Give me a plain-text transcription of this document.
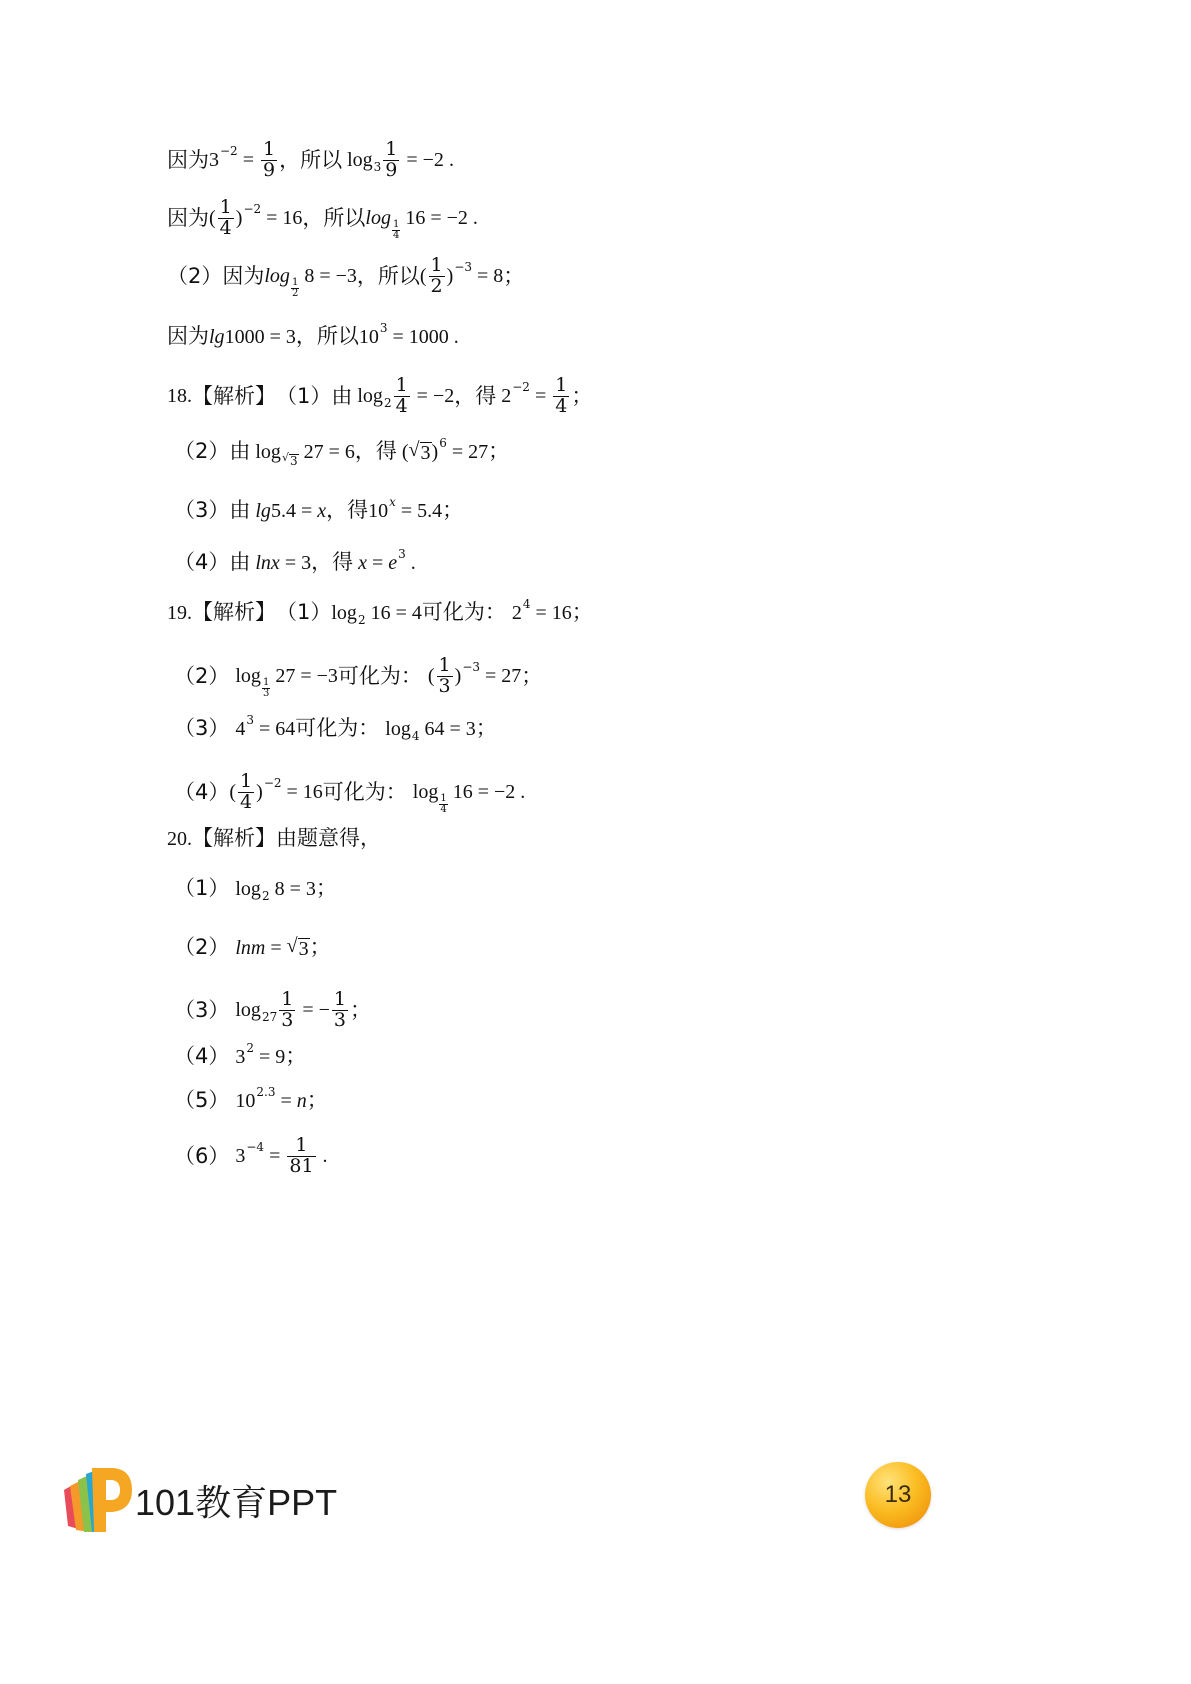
因为 $3 -2 = \frac{1}{9}$ ， 所以 $\log 3 \frac{1}{9} = -2$ .
因为 ( $\frac{1}{4}$ ) −2 = 16 ，所以 log 1
4
16 = −2 .
（2） 因为 log 1
2
8 = −3 ，所以 ( $\frac{1}{2}$ ) −3 = 8 ；
因为 lg 1000 = 3 ，所以 10 3 = 1000 .
18. 【解析】 （1） 由 $\log 2 \frac{1}{4} = -2$ ， 得 $2 -2 = \frac{1}{4}$ ；
（2） 由 log √ 3 27 = 6 ， 得 ( √ 3 ) 6 = 27 ；
（3） 由 lg 5.4 = x ， 得 10 x = 5.4 ；
（4） 由 lnx = 3 ， 得 x = e 3 .
19. 【解析】 （1） log 2 16 = 4 可化为： 2 4 = 16 ；
（2） log 1
3
27 = −3 可化为： ( $\frac{1}{3}$ ) −3 = 27 ；
（3） 4 3 = 64 可化为： log 4 64 = 3 ；
（4） ( $\frac{1}{4}$ ) −2 = 16 可化为： log 1
4
16 = −2 .
20. 【解析】 由题意得，
（1） log 2 8 = 3 ；
（2） lnm = √ 3 ；
（3） $\log 27 \frac{1}{3}$ = − $\frac{1}{3}$ ；
（4） 3 2 = 9 ；
（5） 10 2.3 = n ；
（6） $3 -4 = \frac{1}{81}$ .
101教育PPT	13
